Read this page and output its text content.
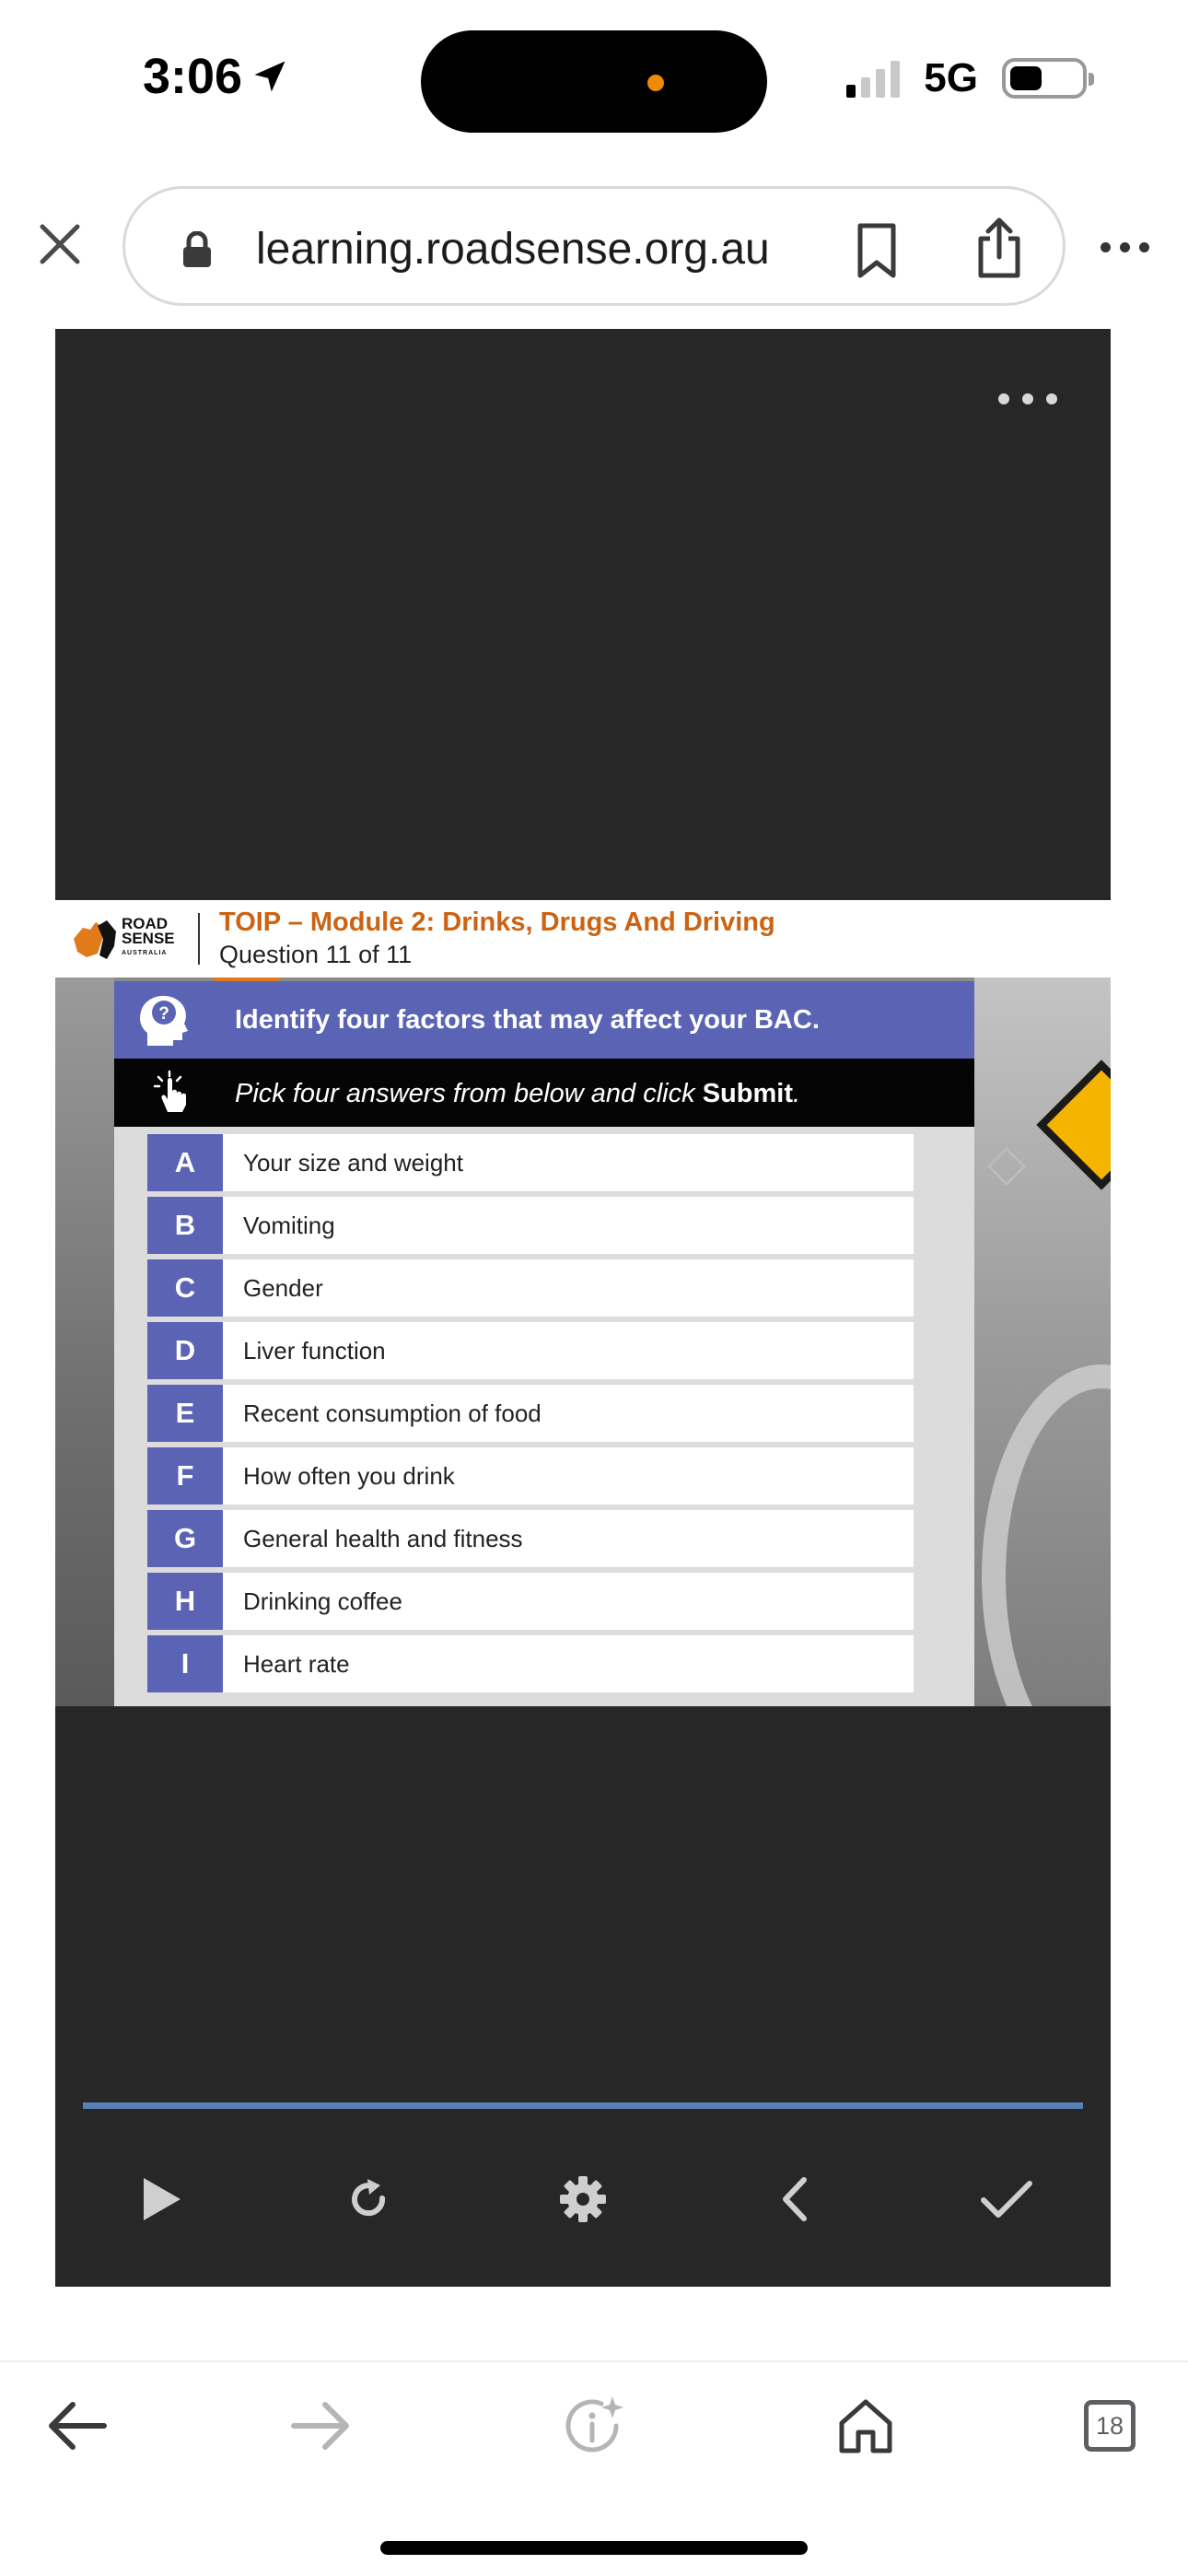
3:06	5G
learning.roadsense.org.au
ROAD
SENSE
AUSTRALIA
TOIP – Module 2: Drinks, Drugs And Driving
Question 11 of 11
? Identify four factors that may affect your BAC.
Pick four answers from below and click Submit.
A	Your size and weight
B	Vomiting
C	Gender
D	Liver function
E	Recent consumption of food
F	How often you drink
G	General health and fitness
H	Drinking coffee
I	Heart rate
18
